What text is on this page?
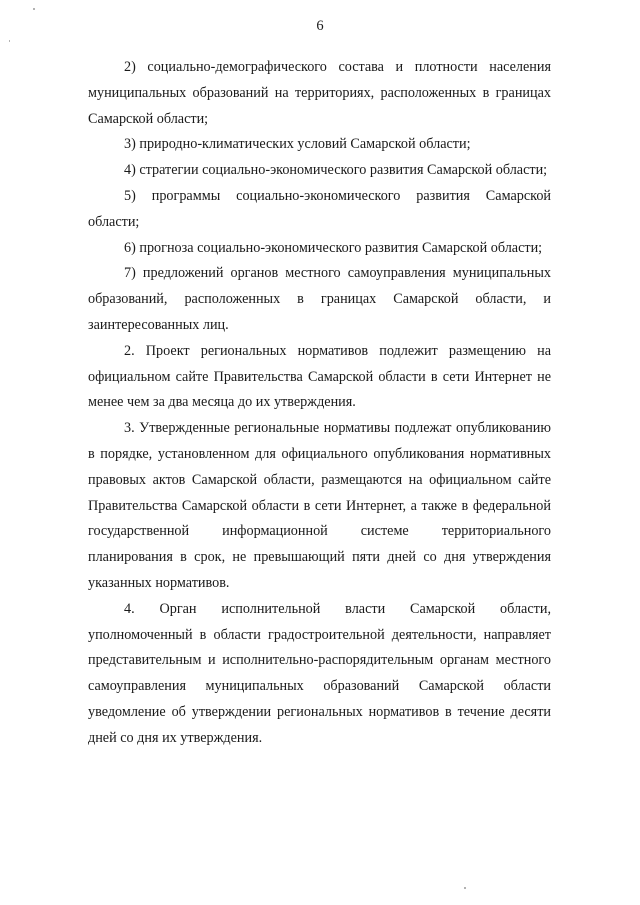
6

2) социально-демографического состава и плотности населения муниципальных образований на территориях, расположенных в границах Самарской области;

3) природно-климатических условий Самарской области;

4) стратегии социально-экономического развития Самарской области;

5) программы социально-экономического развития Самарской области;

6) прогноза социально-экономического развития Самарской области;

7) предложений органов местного самоуправления муниципальных образований, расположенных в границах Самарской области, и заинтересованных лиц.

2. Проект региональных нормативов подлежит размещению на официальном сайте Правительства Самарской области в сети Интернет не менее чем за два месяца до их утверждения.

3. Утвержденные региональные нормативы подлежат опубликованию в порядке, установленном для официального опубликования нормативных правовых актов Самарской области, размещаются на официальном сайте Правительства Самарской области в сети Интернет, а также в федеральной государственной информационной системе территориального планирования в срок, не превышающий пяти дней со дня утверждения указанных нормативов.

4. Орган исполнительной власти Самарской области, уполномоченный в области градостроительной деятельности, направляет представительным и исполнительно-распорядительным органам местного самоуправления муниципальных образований Самарской области уведомление об утверждении региональных нормативов в течение десяти дней со дня их утверждения.
